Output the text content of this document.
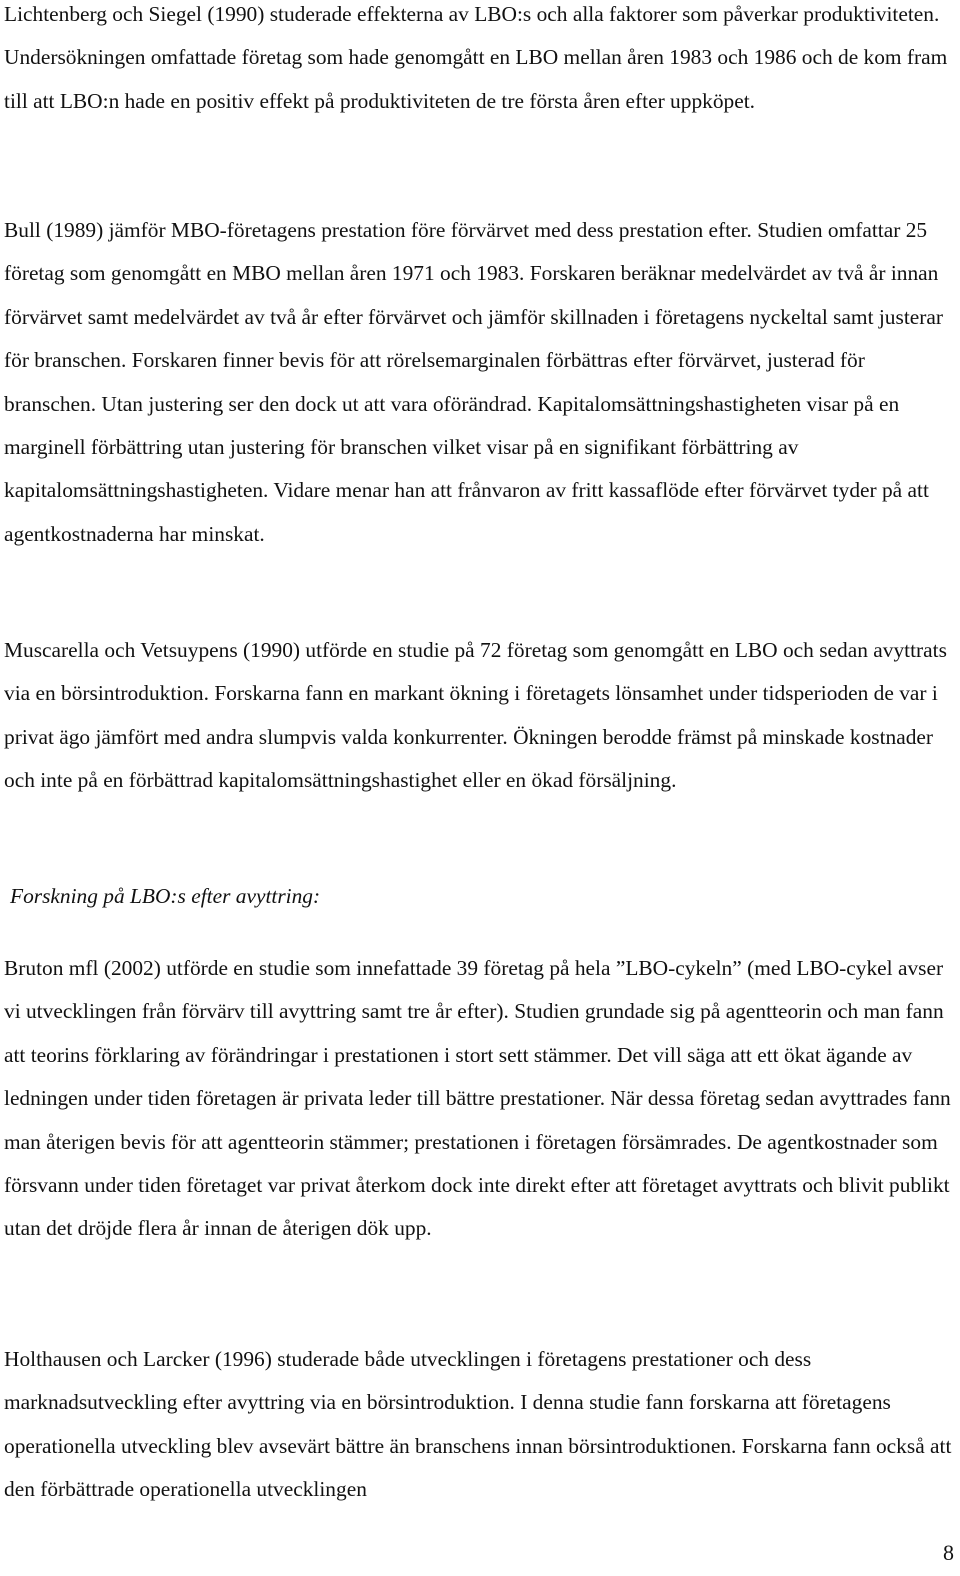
Lichtenberg och Siegel (1990) studerade effekterna av LBO:s och alla faktorer som påverkar produktiviteten. Undersökningen omfattade företag som hade genomgått en LBO mellan åren 1983 och 1986 och de kom fram till att LBO:n hade en positiv effekt på produktiviteten de tre första åren efter uppköpet.

Bull (1989) jämför MBO-företagens prestation före förvärvet med dess prestation efter. Studien omfattar 25 företag som genomgått en MBO mellan åren 1971 och 1983. Forskaren beräknar medelvärdet av två år innan förvärvet samt medelvärdet av två år efter förvärvet och jämför skillnaden i företagens nyckeltal samt justerar för branschen. Forskaren finner bevis för att rörelsemarginalen förbättras efter förvärvet, justerad för branschen. Utan justering ser den dock ut att vara oförändrad. Kapitalomsättningshastigheten visar på en marginell förbättring utan justering för branschen vilket visar på en signifikant förbättring av kapitalomsättningshastigheten. Vidare menar han att frånvaron av fritt kassaflöde efter förvärvet tyder på att agentkostnaderna har minskat.

Muscarella och Vetsuypens (1990) utförde en studie på 72 företag som genomgått en LBO och sedan avyttrats via en börsintroduktion. Forskarna fann en markant ökning i företagets lönsamhet under tidsperioden de var i privat ägo jämfört med andra slumpvis valda konkurrenter. Ökningen berodde främst på minskade kostnader och inte på en förbättrad kapitalomsättningshastighet eller en ökad försäljning.

Forskning på LBO:s efter avyttring:

Bruton mfl (2002) utförde en studie som innefattade 39 företag på hela ”LBO-cykeln” (med LBO-cykel avser vi utvecklingen från förvärv till avyttring samt tre år efter). Studien grundade sig på agentteorin och man fann att teorins förklaring av förändringar i prestationen i stort sett stämmer. Det vill säga att ett ökat ägande av ledningen under tiden företagen är privata leder till bättre prestationer. När dessa företag sedan avyttrades fann man återigen bevis för att agentteorin stämmer; prestationen i företagen försämrades. De agentkostnader som försvann under tiden företaget var privat återkom dock inte direkt efter att företaget avyttrats och blivit publikt utan det dröjde flera år innan de återigen dök upp.

Holthausen och Larcker (1996) studerade både utvecklingen i företagens prestationer och dess marknadsutveckling efter avyttring via en börsintroduktion. I denna studie fann forskarna att företagens operationella utveckling blev avsevärt bättre än branschens innan börsintroduktionen. Forskarna fann också att den förbättrade operationella utvecklingen

8
